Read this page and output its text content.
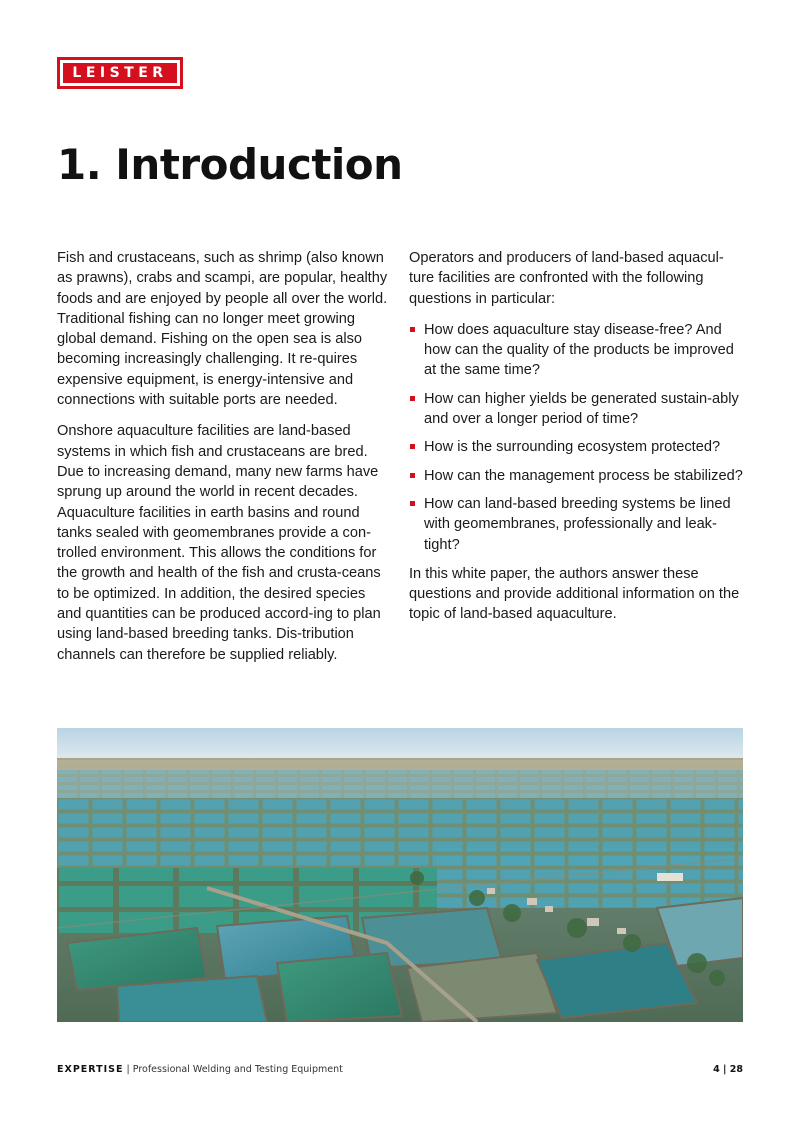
LEISTER
1. Introduction

Fish and crustaceans, such as shrimp (also known as prawns), crabs and scampi, are popular, healthy foods and are enjoyed by people all over the world. Traditional fishing can no longer meet growing global demand. Fishing on the open sea is also becoming increasingly challenging. It re-quires expensive equipment, is energy-intensive and connections with suitable ports are needed.

Onshore aquaculture facilities are land-based systems in which fish and crustaceans are bred. Due to increasing demand, many new farms have sprung up around the world in recent decades. Aquaculture facilities in earth basins and round tanks sealed with geomembranes provide a con-trolled environment. This allows the conditions for the growth and health of the fish and crusta-ceans to be optimized. In addition, the desired species and quantities can be produced accord-ing to plan using land-based breeding tanks. Dis-tribution channels can therefore be supplied reliably.

Operators and producers of land-based aquacul-ture facilities are confronted with the following questions in particular:

How does aquaculture stay disease-free? And how can the quality of the products be improved at the same time?
How can higher yields be generated sustain-ably and over a longer period of time?
How is the surrounding ecosystem protected?
How can the management process be stabilized?
How can land-based breeding systems be lined with geomembranes, professionally and leak-tight?

In this white paper, the authors answer these questions and provide additional information on the topic of land-based aquaculture.

EXPERTISE | Professional Welding and Testing Equipment	4 | 28
